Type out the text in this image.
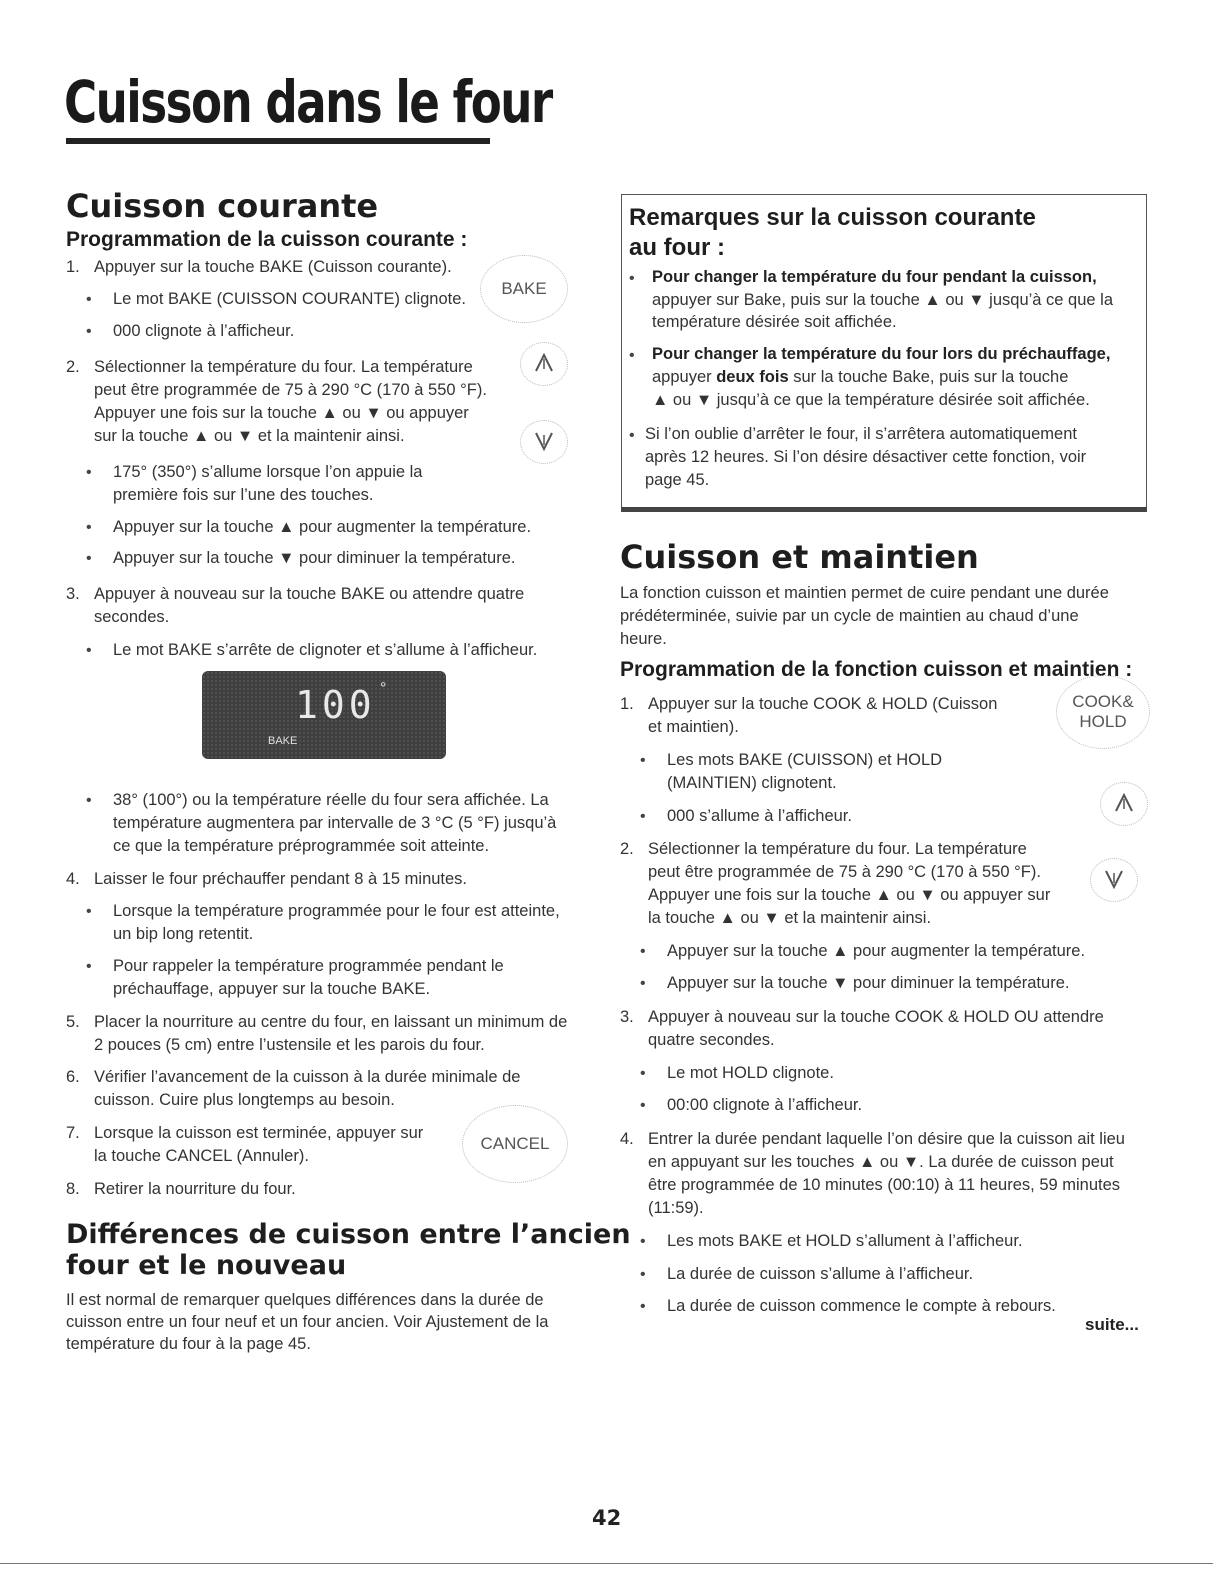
Cuisson dans le four
Cuisson courante
Programmation de la cuisson courante :
1. Appuyer sur la touche BAKE (Cuisson courante).
• Le mot BAKE (CUISSON COURANTE) clignote.
• 000 clignote à l’afficheur.
2. Sélectionner la température du four. La température
peut être programmée de 75 à 290 °C (170 à 550 °F).
Appuyer une fois sur la touche ▲ ou ▼ ou appuyer
sur la touche ▲ ou ▼ et la maintenir ainsi.
• 175° (350°) s’allume lorsque l’on appuie la
première fois sur l’une des touches.
• Appuyer sur la touche ▲ pour augmenter la température.
• Appuyer sur la touche ▼ pour diminuer la température.
3. Appuyer à nouveau sur la touche BAKE ou attendre quatre
secondes.
• Le mot BAKE s’arrête de clignoter et s’allume à l’afficheur.
• 38° (100°) ou la température réelle du four sera affichée. La
température augmentera par intervalle de 3 °C (5 °F) jusqu’à
ce que la température préprogrammée soit atteinte.
4. Laisser le four préchauffer pendant 8 à 15 minutes.
• Lorsque la température programmée pour le four est atteinte,
un bip long retentit.
• Pour rappeler la température programmée pendant le
préchauffage, appuyer sur la touche BAKE.
5. Placer la nourriture au centre du four, en laissant un minimum de
2 pouces (5 cm) entre l’ustensile et les parois du four.
6. Vérifier l’avancement de la cuisson à la durée minimale de
cuisson. Cuire plus longtemps au besoin.
7. Lorsque la cuisson est terminée, appuyer sur
la touche CANCEL (Annuler).
8. Retirer la nourriture du four.
BAKE
100 °
BAKE
CANCEL
Différences de cuisson entre l’ancien
four et le nouveau
Il est normal de remarquer quelques différences dans la durée de
cuisson entre un four neuf et un four ancien. Voir Ajustement de la
température du four à la page 45.
Remarques sur la cuisson courante
au four :
• Pour changer la température du four pendant la cuisson,
appuyer sur Bake, puis sur la touche ▲ ou ▼ jusqu’à ce que la
température désirée soit affichée.
• Pour changer la température du four lors du préchauffage,
appuyer deux fois sur la touche Bake, puis sur la touche
▲ ou ▼ jusqu’à ce que la température désirée soit affichée.
• Si l’on oublie d’arrêter le four, il s’arrêtera automatiquement
après 12 heures. Si l’on désire désactiver cette fonction, voir
page 45.
Cuisson et maintien
La fonction cuisson et maintien permet de cuire pendant une durée
prédéterminée, suivie par un cycle de maintien au chaud d’une
heure.
Programmation de la fonction cuisson et maintien :
1. Appuyer sur la touche COOK & HOLD (Cuisson
et maintien).
• Les mots BAKE (CUISSON) et HOLD
(MAINTIEN) clignotent.
• 000 s’allume à l’afficheur.
2. Sélectionner la température du four. La température
peut être programmée de 75 à 290 °C (170 à 550 °F).
Appuyer une fois sur la touche ▲ ou ▼ ou appuyer sur
la touche ▲ ou ▼ et la maintenir ainsi.
• Appuyer sur la touche ▲ pour augmenter la température.
• Appuyer sur la touche ▼ pour diminuer la température.
3. Appuyer à nouveau sur la touche COOK & HOLD OU attendre
quatre secondes.
• Le mot HOLD clignote.
• 00:00 clignote à l’afficheur.
4. Entrer la durée pendant laquelle l’on désire que la cuisson ait lieu
en appuyant sur les touches ▲ ou ▼. La durée de cuisson peut
être programmée de 10 minutes (00:10) à 11 heures, 59 minutes
(11:59).
• Les mots BAKE et HOLD s’allument à l’afficheur.
• La durée de cuisson s’allume à l’afficheur.
• La durée de cuisson commence le compte à rebours.
COOK&
HOLD
suite...
42
